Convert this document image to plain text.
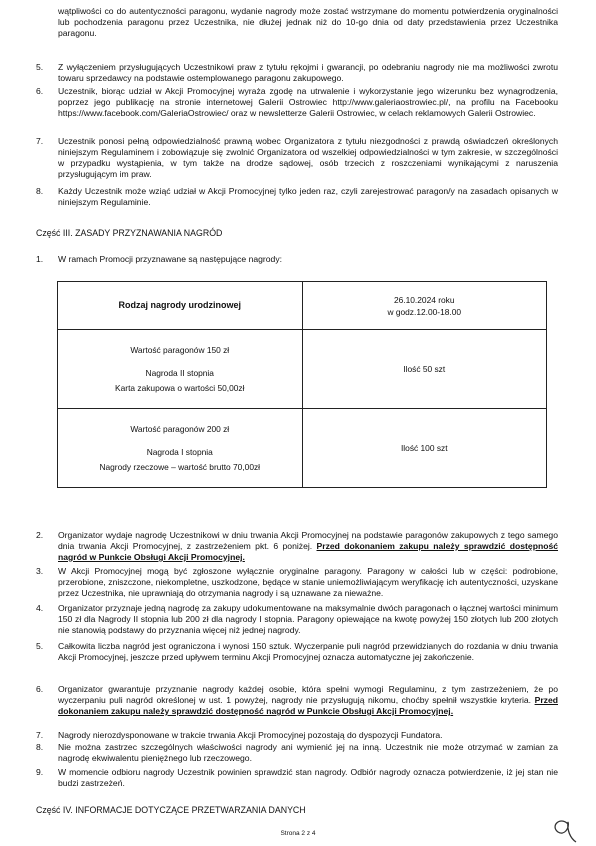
wątpliwości co do autentyczności paragonu, wydanie nagrody może zostać wstrzymane do momentu potwierdzenia oryginalności lub pochodzenia paragonu przez Uczestnika, nie dłużej jednak niż do 10-go dnia od daty przedstawienia przez Uczestnika paragonu.
5. Z wyłączeniem przysługujących Uczestnikowi praw z tytułu rękojmi i gwarancji, po odebraniu nagrody nie ma możliwości zwrotu towaru sprzedawcy na podstawie ostemplowanego paragonu zakupowego.
6. Uczestnik, biorąc udział w Akcji Promocyjnej wyraża zgodę na utrwalenie i wykorzystanie jego wizerunku bez wynagrodzenia, poprzez jego publikację na stronie internetowej Galerii Ostrowiec http://www.galeriaostrowiec.pl/, na profilu na Facebooku https://www.facebook.com/GaleriaOstrowiec/ oraz w newsletterze Galerii Ostrowiec, w celach reklamowych Galerii Ostrowiec.
7. Uczestnik ponosi pełną odpowiedzialność prawną wobec Organizatora z tytułu niezgodności z prawdą oświadczeń określonych niniejszym Regulaminem i zobowiązuje się zwolnić Organizatora od wszelkiej odpowiedzialności w tym zakresie, w szczególności w przypadku wystąpienia, w tym także na drodze sądowej, osób trzecich z roszczeniami wynikającymi z naruszenia przysługującym im praw.
8. Każdy Uczestnik może wziąć udział w Akcji Promocyjnej tylko jeden raz, czyli zarejestrować paragon/y na zasadach opisanych w niniejszym Regulaminie.
Część III. ZASADY PRZYZNAWANIA NAGRÓD
1. W ramach Promocji przyznawane są następujące nagrody:
Rodzaj nagrody urodzinowej	26.10.2024 roku
w godz.12.00-18.00

Wartość paragonów 150 zł
Nagroda II stopnia
Karta zakupowa o wartości 50,00zł	Ilość 50 szt

Wartość paragonów 200 zł
Nagroda I stopnia
Nagrody rzeczowe – wartość brutto 70,00zł	Ilość 100 szt
2. Organizator wydaje nagrodę Uczestnikowi w dniu trwania Akcji Promocyjnej na podstawie paragonów zakupowych z tego samego dnia trwania Akcji Promocyjnej, z zastrzeżeniem pkt. 6 poniżej. Przed dokonaniem zakupu należy sprawdzić dostępność nagród w Punkcie Obsługi Akcji Promocyjnej.
3. W Akcji Promocyjnej mogą być zgłoszone wyłącznie oryginalne paragony. Paragony w całości lub w części: podrobione, przerobione, zniszczone, niekompletne, uszkodzone, będące w stanie uniemożliwiającym weryfikację ich autentyczności, uzyskane przez Uczestnika, nie uprawniają do otrzymania nagrody i są uznawane za nieważne.
4. Organizator przyznaje jedną nagrodę za zakupy udokumentowane na maksymalnie dwóch paragonach o łącznej wartości minimum 150 zł dla Nagrody II stopnia lub 200 zł dla nagrody I stopnia. Paragony opiewające na kwotę powyżej 150 złotych lub 200 złotych nie stanowią podstawy do przyznania więcej niż jednej nagrody.
5. Całkowita liczba nagród jest ograniczona i wynosi 150 sztuk. Wyczerpanie puli nagród przewidzianych do rozdania w dniu trwania Akcji Promocyjnej, jeszcze przed upływem terminu Akcji Promocyjnej oznacza automatyczne jej zakończenie.
6. Organizator gwarantuje przyznanie nagrody każdej osobie, która spełni wymogi Regulaminu, z tym zastrzeżeniem, że po wyczerpaniu puli nagród określonej w ust. 1 powyżej, nagrody nie przysługują nikomu, choćby spełnił wszystkie kryteria. Przed dokonaniem zakupu należy sprawdzić dostępność nagród w Punkcie Obsługi Akcji Promocyjnej.
7. Nagrody nierozdysponowane w trakcie trwania Akcji Promocyjnej pozostają do dyspozycji Fundatora.
8. Nie można zastrzec szczególnych właściwości nagrody ani wymienić jej na inną. Uczestnik nie może otrzymać w zamian za nagrodę ekwiwalentu pieniężnego lub rzeczowego.
9. W momencie odbioru nagrody Uczestnik powinien sprawdzić stan nagrody. Odbiór nagrody oznacza potwierdzenie, iż jej stan nie budzi zastrzeżeń.
Część IV. INFORMACJE DOTYCZĄCE PRZETWARZANIA DANYCH
Strona 2 z 4
